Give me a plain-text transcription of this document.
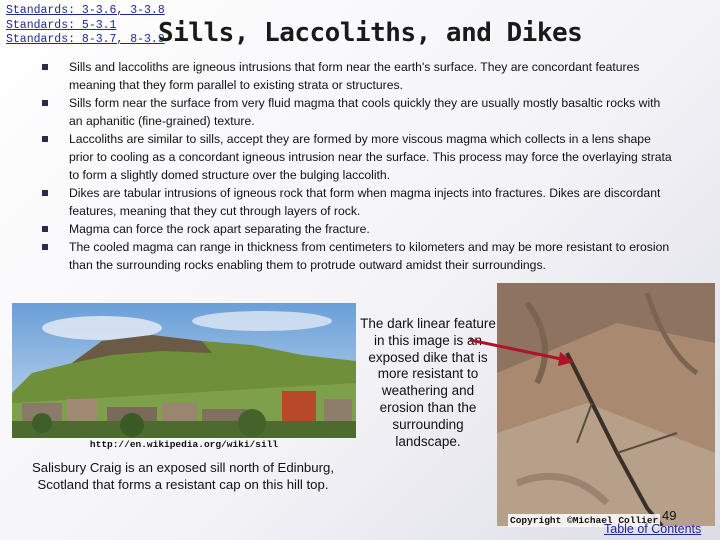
Standards: 3-3.6, 3-3.8
Standards: 5-3.1
Standards: 8-3.7, 8-3.9
Sills, Laccoliths, and Dikes
Sills and laccoliths are igneous intrusions that form near the earth's surface. They are concordant features meaning that they form parallel to existing strata or structures.
Sills form near the surface from very fluid magma that cools quickly they are usually mostly basaltic rocks with an aphanitic (fine-grained) texture.
Laccoliths are similar to sills, accept they are formed by more viscous magma which collects in a lens shape prior to cooling as a concordant igneous intrusion near the surface. This process may force the overlaying strata to form a slightly domed structure over the bulging laccolith.
Dikes are tabular intrusions of igneous rock that form when magma injects into fractures. Dikes are discordant features, meaning that they cut through layers of rock.
Magma can force the rock apart separating the fracture.
The cooled magma can range in thickness from centimeters to kilometers and may be more resistant to erosion than the surrounding rocks enabling them to protrude outward amidst their surroundings.
http://en.wikipedia.org/wiki/sill
Salisbury Craig is an exposed sill north of Edinburg, Scotland that forms a resistant cap on this hill top.
The dark linear feature in this image is an exposed dike that is more resistant to weathering and erosion than the surrounding landscape.
Copyright ©Michael Collier 49
Table of Contents
